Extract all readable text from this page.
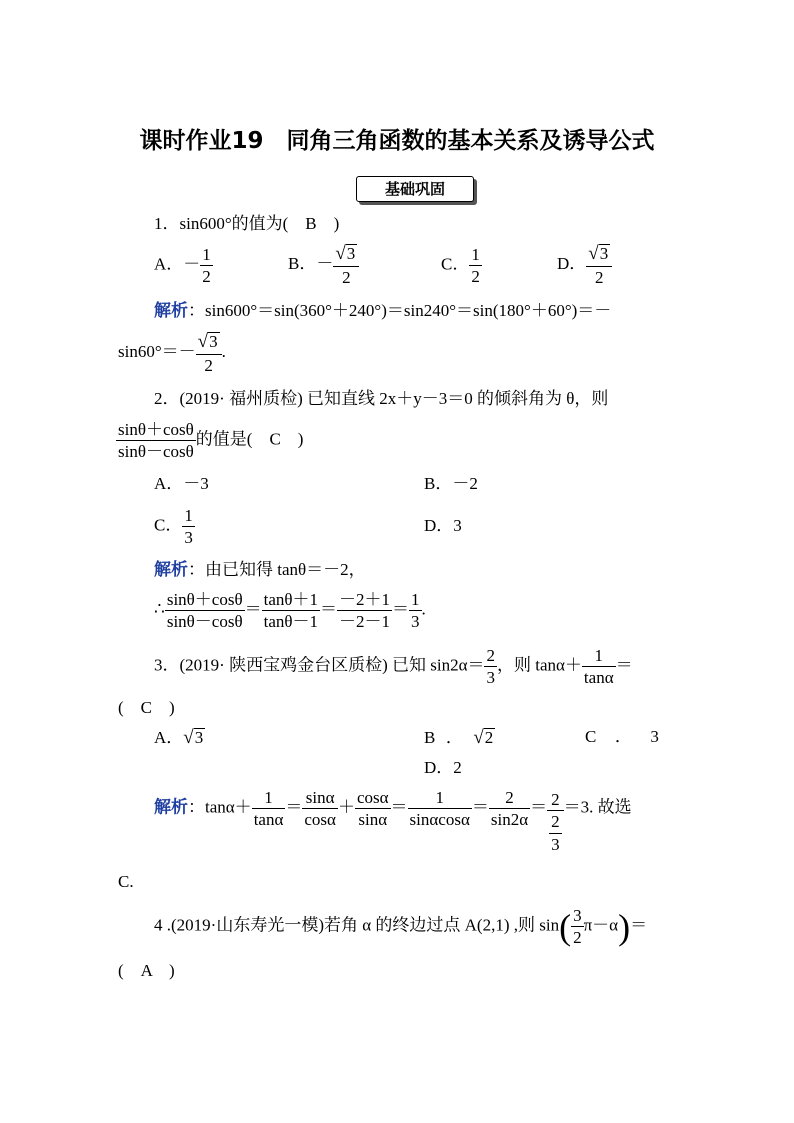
课时作业19　同角三角函数的基本关系及诱导公式
基础巩固
1．sin600°的值为(　B　)
A．－ $\frac{1}{2}$	B．－ $\frac{√3}{2}$	C． $\frac{1}{2}$	D． $\frac{√3}{2}$
解析：sin600°＝sin(360°＋240°)＝sin240°＝sin(180°＋60°)＝－
$\sin 60^\circ=- \frac{√3}{2}$ .
2．(2019· 福州质检) 已知直线 2x＋y－3＝0 的倾斜角为 θ，则
$\frac{\sin\theta+\cos\theta}{\sin\theta-\cos\theta}$ 的值是(　C　)
A．－3	B．－2
C． $\frac{1}{3}$	D．3
解析：由已知得 tanθ＝－2，
∴ $\frac{\sin\theta+\cos\theta}{\sin\theta-\cos\theta} = \frac{\tan\theta+1}{\tan\theta-1} = \frac{-2+1}{-2-1} = \frac{1}{3}$ .
3．(2019· 陕西宝鸡金台区质检) 已知 $\sin 2\alpha= \frac{2}{3}$ ，则 $\tan\alpha+ \frac{1}{\tan\alpha}$ ＝
(　C　)
A．√3	B ． √2	C ． 3
D．2
解析：$\tan\alpha+ \frac{1}{\tan\alpha} = \frac{\sin\alpha}{\cos\alpha} + \frac{\cos\alpha}{\sin\alpha} = \frac{1}{\sin\alpha\cos\alpha} = \frac{2}{\sin 2\alpha} = \frac{2}{\frac{2}{3}} =3$. 故选
C.
4 .(2019·山东寿光一模)若角 α 的终边过点 A(2,1) ,则 $\sin( \frac{3}{2} \pi-\alpha)=$
(　A　)
